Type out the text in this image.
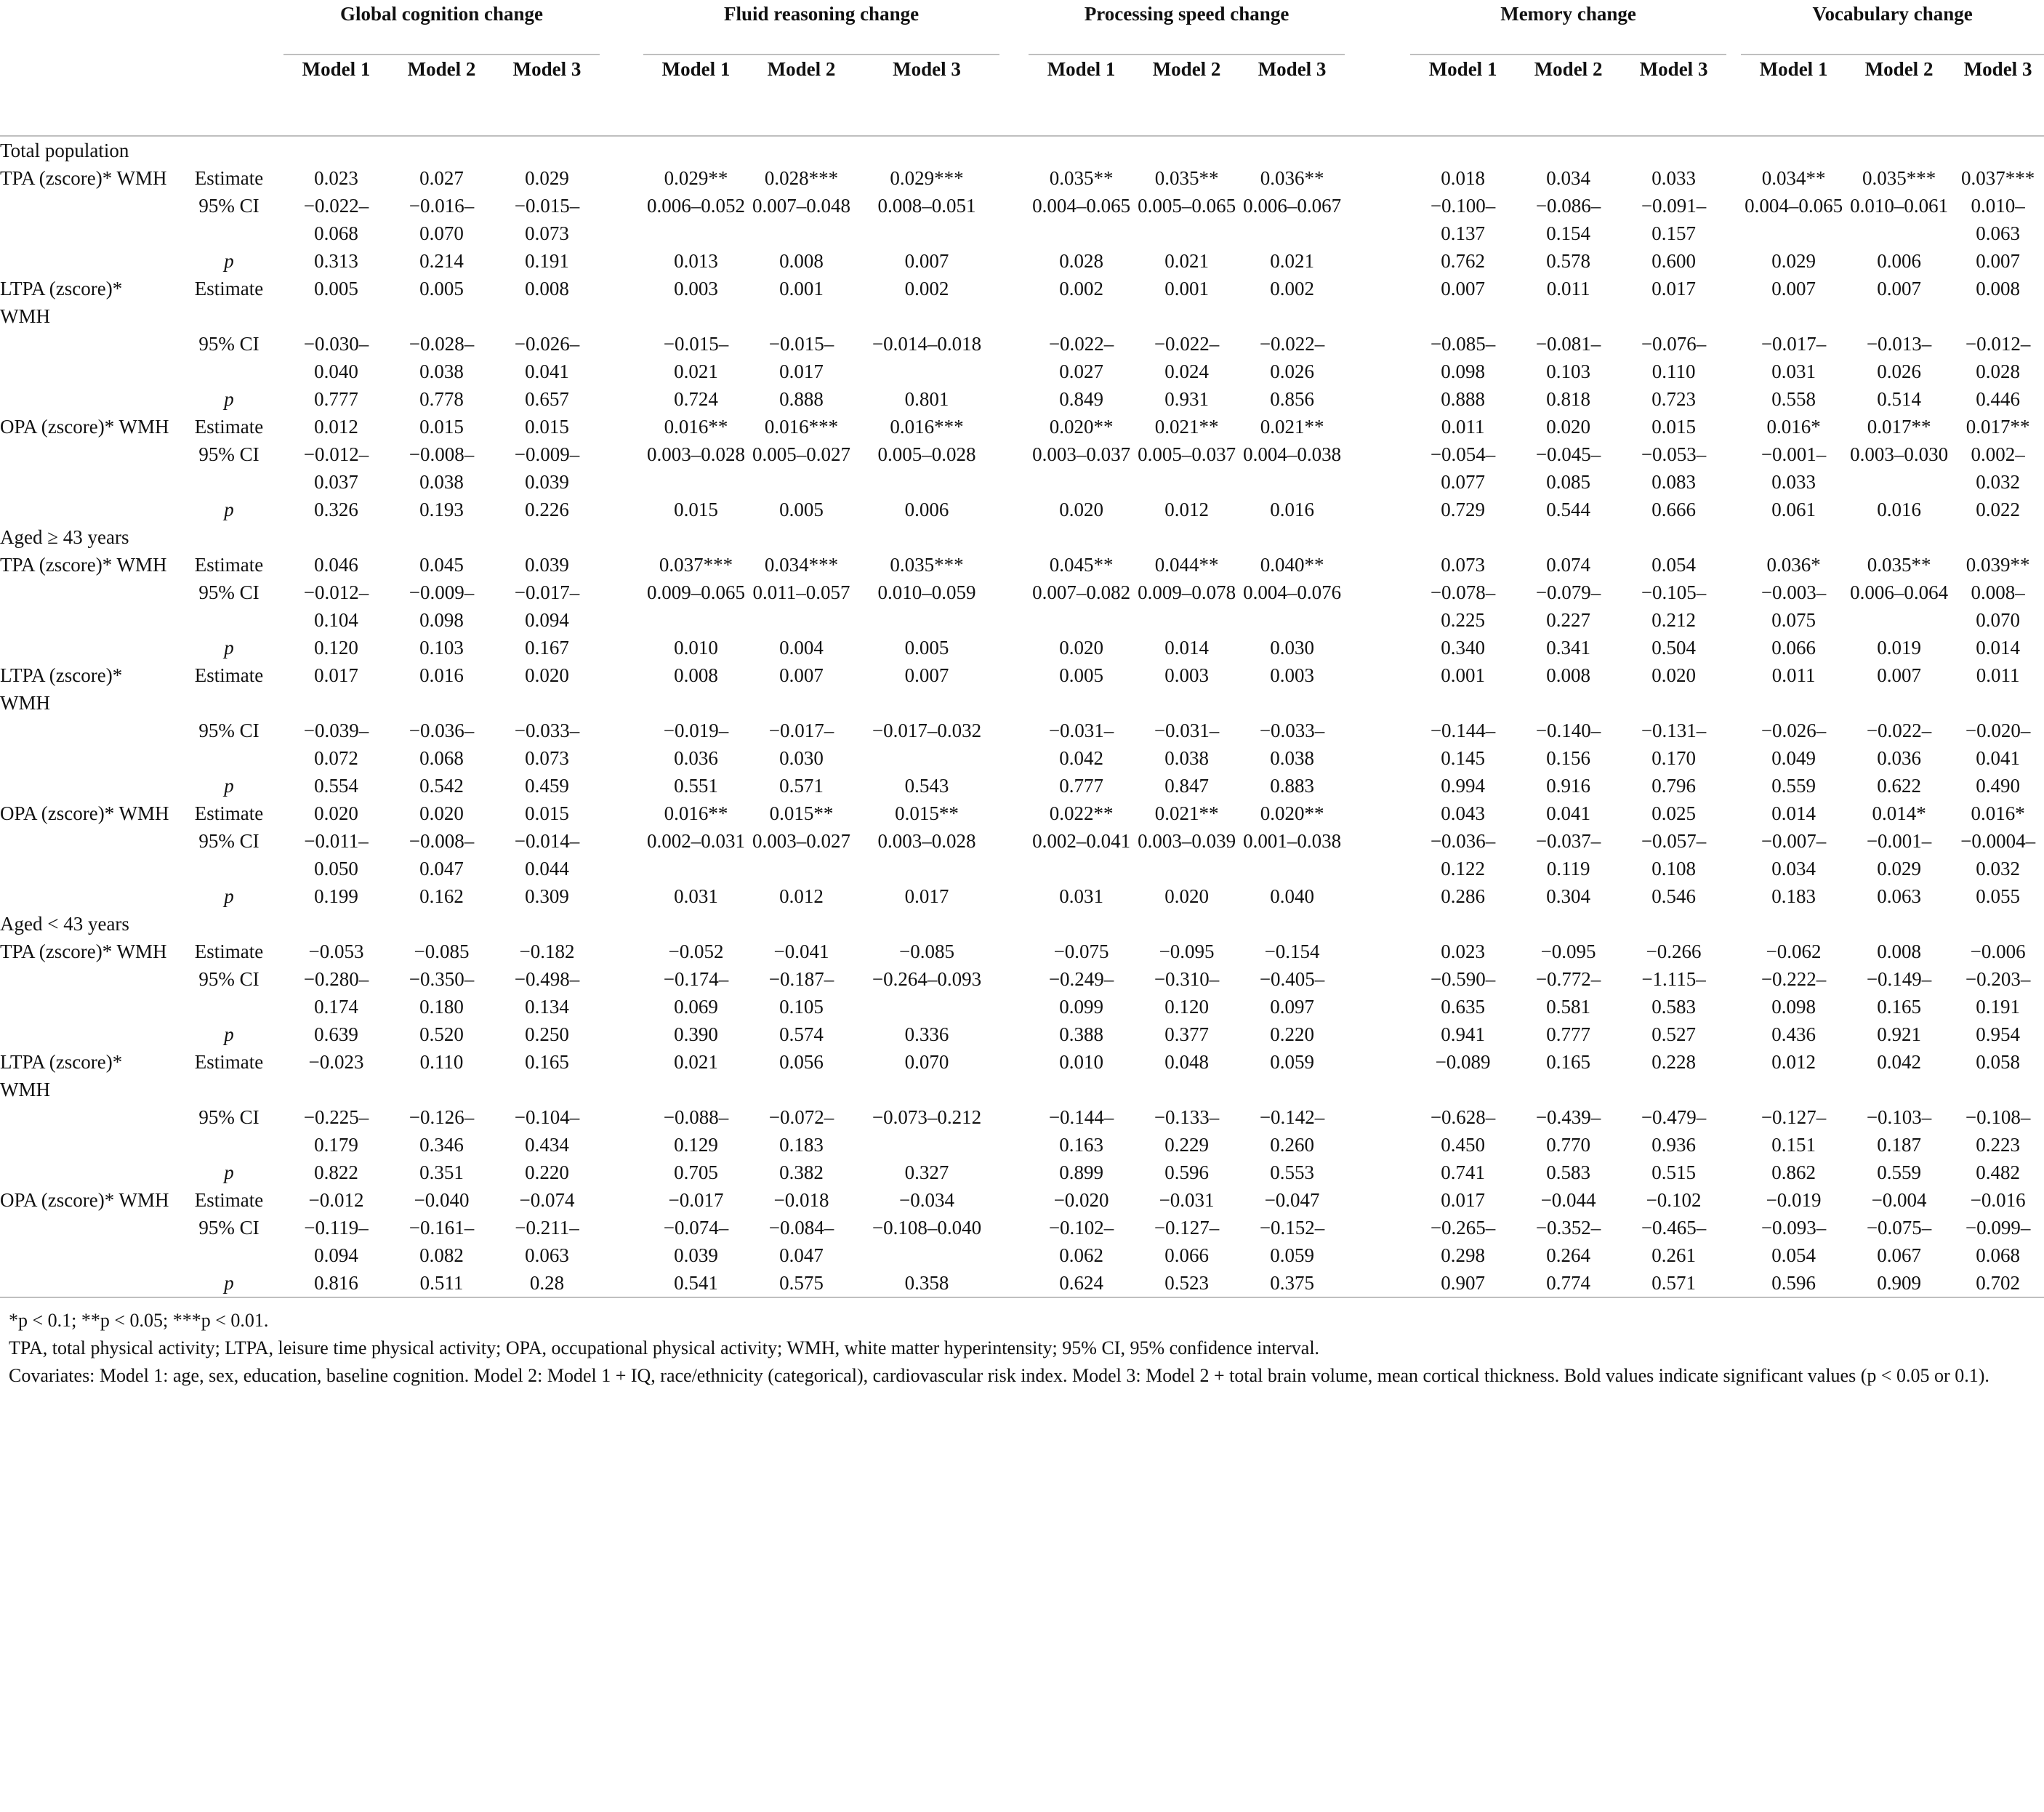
		Global cognition change				Fluid reasoning change				Processing speed change				Memory change				Vocabulary change		

		Model 1	Model 2	Model 3		Model 1	Model 2	Model 3		Model 1	Model 2	Model 3		Model 1	Model 2	Model 3		Model 1	Model 2	Model 3
Total population																				
TPA (zscore)* WMH	Estimate	0.023	0.027	0.029		0.029**	0.028***	0.029***		0.035**	0.035**	0.036**		0.018	0.034	0.033		0.034**	0.035***	0.037***
	95% CI	−0.022–0.068	−0.016–0.070	−0.015–0.073		0.006–0.052	0.007–0.048	0.008–0.051		0.004–0.065	0.005–0.065	0.006–0.067		−0.100–0.137	−0.086–0.154	−0.091–0.157		0.004–0.065	0.010–0.061	0.010–0.063
	p	0.313	0.214	0.191		0.013	0.008	0.007		0.028	0.021	0.021		0.762	0.578	0.600		0.029	0.006	0.007
LTPA (zscore)* WMH	Estimate	0.005	0.005	0.008		0.003	0.001	0.002		0.002	0.001	0.002		0.007	0.011	0.017		0.007	0.007	0.008
	95% CI	−0.030–0.040	−0.028–0.038	−0.026–0.041		−0.015–0.021	−0.015–0.017	−0.014–0.018		−0.022–0.027	−0.022–0.024	−0.022–0.026		−0.085–0.098	−0.081–0.103	−0.076–0.110		−0.017–0.031	−0.013–0.026	−0.012–0.028
	p	0.777	0.778	0.657		0.724	0.888	0.801		0.849	0.931	0.856		0.888	0.818	0.723		0.558	0.514	0.446
OPA (zscore)* WMH	Estimate	0.012	0.015	0.015		0.016**	0.016***	0.016***		0.020**	0.021**	0.021**		0.011	0.020	0.015		0.016*	0.017**	0.017**
	95% CI	−0.012–0.037	−0.008–0.038	−0.009–0.039		0.003–0.028	0.005–0.027	0.005–0.028		0.003–0.037	0.005–0.037	0.004–0.038		−0.054–0.077	−0.045–0.085	−0.053–0.083		−0.001–0.033	0.003–0.030	0.002–0.032
	p	0.326	0.193	0.226		0.015	0.005	0.006		0.020	0.012	0.016		0.729	0.544	0.666		0.061	0.016	0.022
Aged ≥ 43 years																				
TPA (zscore)* WMH	Estimate	0.046	0.045	0.039		0.037***	0.034***	0.035***		0.045**	0.044**	0.040**		0.073	0.074	0.054		0.036*	0.035**	0.039**
	95% CI	−0.012–0.104	−0.009–0.098	−0.017–0.094		0.009–0.065	0.011–0.057	0.010–0.059		0.007–0.082	0.009–0.078	0.004–0.076		−0.078–0.225	−0.079–0.227	−0.105–0.212		−0.003–0.075	0.006–0.064	0.008–0.070
	p	0.120	0.103	0.167		0.010	0.004	0.005		0.020	0.014	0.030		0.340	0.341	0.504		0.066	0.019	0.014
LTPA (zscore)* WMH	Estimate	0.017	0.016	0.020		0.008	0.007	0.007		0.005	0.003	0.003		0.001	0.008	0.020		0.011	0.007	0.011
	95% CI	−0.039–0.072	−0.036–0.068	−0.033–0.073		−0.019–0.036	−0.017–0.030	−0.017–0.032		−0.031–0.042	−0.031–0.038	−0.033–0.038		−0.144–0.145	−0.140–0.156	−0.131–0.170		−0.026–0.049	−0.022–0.036	−0.020–0.041
	p	0.554	0.542	0.459		0.551	0.571	0.543		0.777	0.847	0.883		0.994	0.916	0.796		0.559	0.622	0.490
OPA (zscore)* WMH	Estimate	0.020	0.020	0.015		0.016**	0.015**	0.015**		0.022**	0.021**	0.020**		0.043	0.041	0.025		0.014	0.014*	0.016*
	95% CI	−0.011–0.050	−0.008–0.047	−0.014–0.044		0.002–0.031	0.003–0.027	0.003–0.028		0.002–0.041	0.003–0.039	0.001–0.038		−0.036–0.122	−0.037–0.119	−0.057–0.108		−0.007–0.034	−0.001–0.029	−0.0004–0.032
	p	0.199	0.162	0.309		0.031	0.012	0.017		0.031	0.020	0.040		0.286	0.304	0.546		0.183	0.063	0.055
Aged < 43 years																				
TPA (zscore)* WMH	Estimate	−0.053	−0.085	−0.182		−0.052	−0.041	−0.085		−0.075	−0.095	−0.154		0.023	−0.095	−0.266		−0.062	0.008	−0.006
	95% CI	−0.280–0.174	−0.350–0.180	−0.498–0.134		−0.174–0.069	−0.187–0.105	−0.264–0.093		−0.249–0.099	−0.310–0.120	−0.405–0.097		−0.590–0.635	−0.772–0.581	−1.115–0.583		−0.222–0.098	−0.149–0.165	−0.203–0.191
	p	0.639	0.520	0.250		0.390	0.574	0.336		0.388	0.377	0.220		0.941	0.777	0.527		0.436	0.921	0.954
LTPA (zscore)* WMH	Estimate	−0.023	0.110	0.165		0.021	0.056	0.070		0.010	0.048	0.059		−0.089	0.165	0.228		0.012	0.042	0.058
	95% CI	−0.225–0.179	−0.126–0.346	−0.104–0.434		−0.088–0.129	−0.072–0.183	−0.073–0.212		−0.144–0.163	−0.133–0.229	−0.142–0.260		−0.628–0.450	−0.439–0.770	−0.479–0.936		−0.127–0.151	−0.103–0.187	−0.108–0.223
	p	0.822	0.351	0.220		0.705	0.382	0.327		0.899	0.596	0.553		0.741	0.583	0.515		0.862	0.559	0.482
OPA (zscore)* WMH	Estimate	−0.012	−0.040	−0.074		−0.017	−0.018	−0.034		−0.020	−0.031	−0.047		0.017	−0.044	−0.102		−0.019	−0.004	−0.016
	95% CI	−0.119–0.094	−0.161–0.082	−0.211–0.063		−0.074–0.039	−0.084–0.047	−0.108–0.040		−0.102–0.062	−0.127–0.066	−0.152–0.059		−0.265–0.298	−0.352–0.264	−0.465–0.261		−0.093–0.054	−0.075–0.067	−0.099–0.068
	p	0.816	0.511	0.28		0.541	0.575	0.358		0.624	0.523	0.375		0.907	0.774	0.571		0.596	0.909	0.702
*p < 0.1; **p < 0.05; ***p < 0.01.
TPA, total physical activity; LTPA, leisure time physical activity; OPA, occupational physical activity; WMH, white matter hyperintensity; 95% CI, 95% confidence interval.
Covariates: Model 1: age, sex, education, baseline cognition. Model 2: Model 1 + IQ, race/ethnicity (categorical), cardiovascular risk index. Model 3: Model 2 + total brain volume, mean cortical thickness. Bold values indicate significant values (p < 0.05 or 0.1).
